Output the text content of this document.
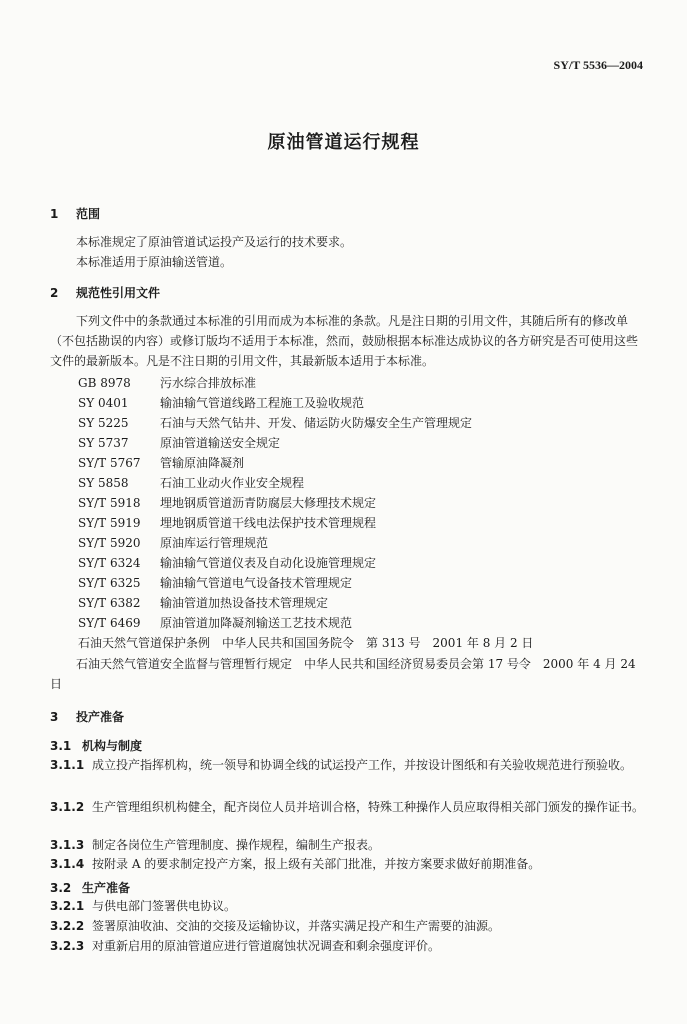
SY/T 5536—2004
原油管道运行规程
1 范围
本标准规定了原油管道试运投产及运行的技术要求。
本标准适用于原油输送管道。
2 规范性引用文件
下列文件中的条款通过本标准的引用而成为本标准的条款。凡是注日期的引用文件，其随后所有的修改单（不包括勘误的内容）或修订版均不适用于本标准，然而，鼓励根据本标准达成协议的各方研究是否可使用这些文件的最新版本。凡是不注日期的引用文件，其最新版本适用于本标准。
GB 8978 污水综合排放标准
SY 0401	输油输气管道线路工程施工及验收规范
SY 5225	石油与天然气钻井、开发、储运防火防爆安全生产管理规定
SY 5737	原油管道输送安全规定
SY/T 5767 管输原油降凝剂
SY 5858	石油工业动火作业安全规程
SY/T 5918 埋地钢质管道沥青防腐层大修理技术规定
SY/T 5919 埋地钢质管道干线电法保护技术管理规程
SY/T 5920 原油库运行管理规范
SY/T 6324 输油输气管道仪表及自动化设施管理规定
SY/T 6325 输油输气管道电气设备技术管理规定
SY/T 6382 输油管道加热设备技术管理规定
SY/T 6469 原油管道加降凝剂输送工艺技术规范
石油天然气管道保护条例　中华人民共和国国务院令　第 313 号　2001 年 8 月 2 日
石油天然气管道安全监督与管理暂行规定　中华人民共和国经济贸易委员会第 17 号令　2000 年 4 月 24 日
3 投产准备
3.1 机构与制度
3.1.1 成立投产指挥机构，统一领导和协调全线的试运投产工作，并按设计图纸和有关验收规范进行预验收。
3.1.2 生产管理组织机构健全，配齐岗位人员并培训合格，特殊工种操作人员应取得相关部门颁发的操作证书。
3.1.3 制定各岗位生产管理制度、操作规程，编制生产报表。
3.1.4 按附录 A 的要求制定投产方案，报上级有关部门批准，并按方案要求做好前期准备。
3.2 生产准备
3.2.1 与供电部门签署供电协议。
3.2.2 签署原油收油、交油的交接及运输协议，并落实满足投产和生产需要的油源。
3.2.3 对重新启用的原油管道应进行管道腐蚀状况调查和剩余强度评价。
